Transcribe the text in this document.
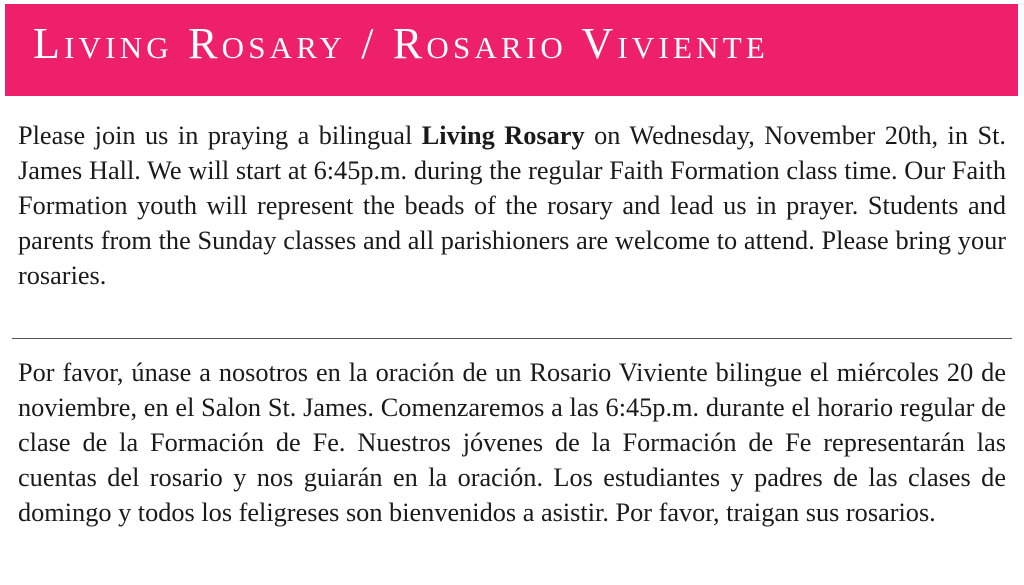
Living Rosary / Rosario Viviente

Please join us in praying a bilingual Living Rosary on Wednesday, November 20th, in St. James Hall. We will start at 6:45p.m. during the regular Faith Formation class time. Our Faith Formation youth will represent the beads of the rosary and lead us in prayer. Students and parents from the Sunday classes and all parishioners are welcome to attend. Please bring your rosaries.

Por favor, únase a nosotros en la oración de un Rosario Viviente bilingue el miércoles 20 de noviembre, en el Salon St. James. Comenzaremos a las 6:45p.m. durante el horario regular de clase de la Formación de Fe. Nuestros jóvenes de la Formación de Fe representarán las cuentas del rosario y nos guiarán en la oración. Los estudiantes y padres de las clases de domingo y todos los feligreses son bienvenidos a asistir. Por favor, traigan sus rosarios.
